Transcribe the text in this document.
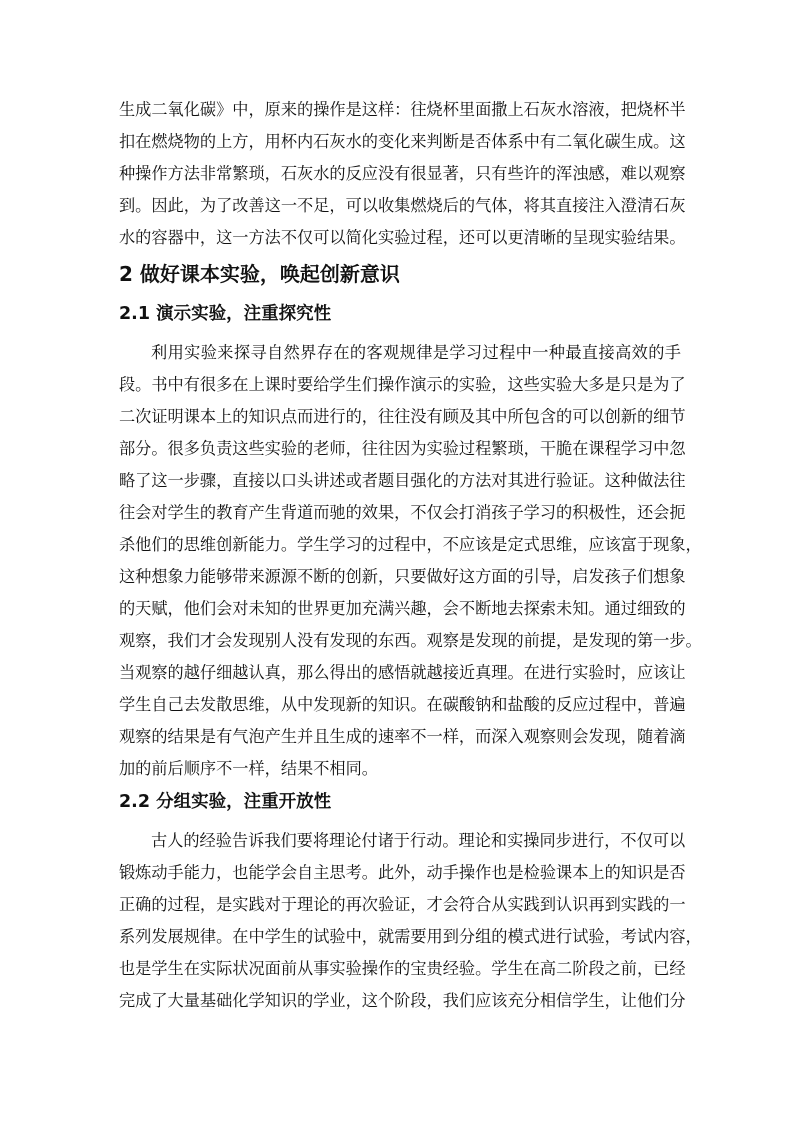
生成二氧化碳》中，原来的操作是这样：往烧杯里面撒上石灰水溶液，把烧杯半
扣在燃烧物的上方，用杯内石灰水的变化来判断是否体系中有二氧化碳生成。这
种操作方法非常繁琐，石灰水的反应没有很显著，只有些许的浑浊感，难以观察
到。因此，为了改善这一不足，可以收集燃烧后的气体，将其直接注入澄清石灰
水的容器中，这一方法不仅可以简化实验过程，还可以更清晰的呈现实验结果。
2 做好课本实验，唤起创新意识
2.1 演示实验，注重探究性
利用实验来探寻自然界存在的客观规律是学习过程中一种最直接高效的手
段。书中有很多在上课时要给学生们操作演示的实验，这些实验大多是只是为了
二次证明课本上的知识点而进行的，往往没有顾及其中所包含的可以创新的细节
部分。很多负责这些实验的老师，往往因为实验过程繁琐，干脆在课程学习中忽
略了这一步骤，直接以口头讲述或者题目强化的方法对其进行验证。这种做法往
往会对学生的教育产生背道而驰的效果，不仅会打消孩子学习的积极性，还会扼
杀他们的思维创新能力。学生学习的过程中，不应该是定式思维，应该富于现象，
这种想象力能够带来源源不断的创新，只要做好这方面的引导，启发孩子们想象
的天赋，他们会对未知的世界更加充满兴趣，会不断地去探索未知。通过细致的
观察，我们才会发现别人没有发现的东西。观察是发现的前提，是发现的第一步。
当观察的越仔细越认真，那么得出的感悟就越接近真理。在进行实验时，应该让
学生自己去发散思维，从中发现新的知识。在碳酸钠和盐酸的反应过程中，普遍
观察的结果是有气泡产生并且生成的速率不一样，而深入观察则会发现，随着滴
加的前后顺序不一样，结果不相同。
2.2 分组实验，注重开放性
古人的经验告诉我们要将理论付诸于行动。理论和实操同步进行，不仅可以
锻炼动手能力，也能学会自主思考。此外，动手操作也是检验课本上的知识是否
正确的过程，是实践对于理论的再次验证，才会符合从实践到认识再到实践的一
系列发展规律。在中学生的试验中，就需要用到分组的模式进行试验，考试内容，
也是学生在实际状况面前从事实验操作的宝贵经验。学生在高二阶段之前，已经
完成了大量基础化学知识的学业，这个阶段，我们应该充分相信学生，让他们分
